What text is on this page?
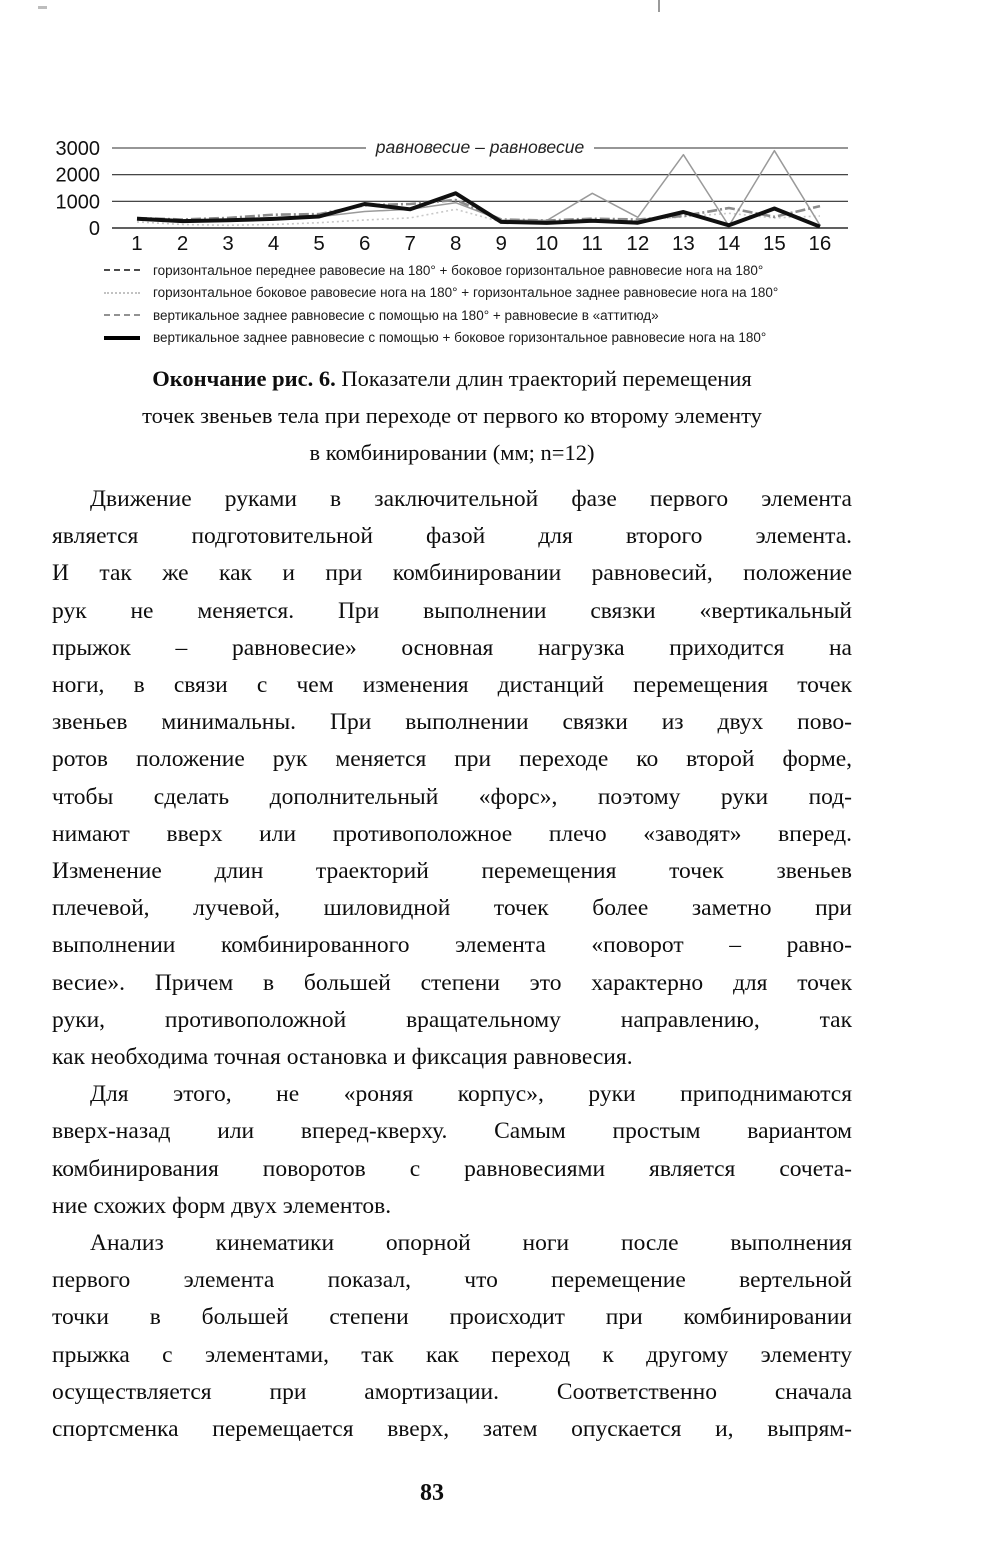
0
1000
2000
3000
1 2 3 4 5 6 7 8 9 10 11 12 13 14 15 16
равновесие – равновесие
горизонтальное переднее равовесие на 180° + боковое горизонтальное равновесие нога на 180°
горизонтальное боковое равовесие нога на 180° + горизонтальное заднее равновесие нога на 180°
вертикальное заднее равновесие с помощью на 180° + равновесие в «аттитюд»
вертикальное заднее равновесие с помощью + боковое горизонтальное равновесие нога на 180°
Окончание рис. 6. Показатели длин траекторий перемещения
точек звеньев тела при переходе от первого ко второму элементу
в комбинировании (мм; n=12)
Движение руками в заключительной фазе первого элемента
является подготовительной фазой для второго элемента.
И так же как и при комбинировании равновесий, положение
рук не меняется. При выполнении связки «вертикальный
прыжок – равновесие» основная нагрузка приходится на
ноги, в связи с чем изменения дистанций перемещения точек
звеньев минимальны. При выполнении связки из двух пово-
ротов положение рук меняется при переходе ко второй форме,
чтобы сделать дополнительный «форс», поэтому руки под-
нимают вверх или противоположное плечо «заводят» вперед.
Изменение длин траекторий перемещения точек звеньев
плечевой, лучевой, шиловидной точек более заметно при
выполнении комбинированного элемента «поворот – равно-
весие». Причем в большей степени это характерно для точек
руки, противоположной вращательному направлению, так
как необходима точная остановка и фиксация равновесия.
Для этого, не «роняя корпус», руки приподнимаются
вверх-назад или вперед-кверху. Самым простым вариантом
комбинирования поворотов с равновесиями является сочета-
ние схожих форм двух элементов.
Анализ кинематики опорной ноги после выполнения
первого элемента показал, что перемещение вертельной
точки в большей степени происходит при комбинировании
прыжка с элементами, так как переход к другому элементу
осуществляется при амортизации. Соответственно сначала
спортсменка перемещается вверх, затем опускается и, выпрям-
83
